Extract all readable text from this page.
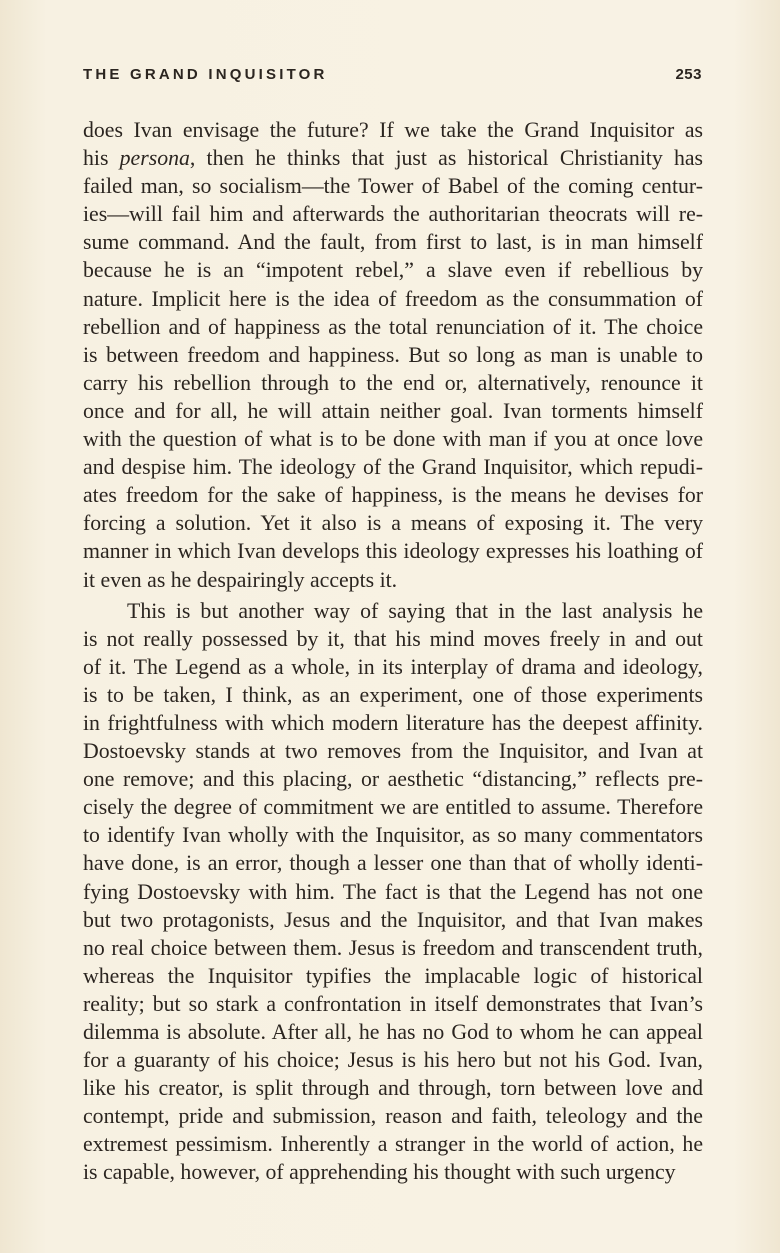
THE GRAND INQUISITOR	253

does Ivan envisage the future? If we take the Grand Inquisitor as
his persona, then he thinks that just as historical Christianity has
failed man, so socialism—the Tower of Babel of the coming centur-
ies—will fail him and afterwards the authoritarian theocrats will re-
sume command. And the fault, from first to last, is in man himself
because he is an “impotent rebel,” a slave even if rebellious by
nature. Implicit here is the idea of freedom as the consummation of
rebellion and of happiness as the total renunciation of it. The choice
is between freedom and happiness. But so long as man is unable to
carry his rebellion through to the end or, alternatively, renounce it
once and for all, he will attain neither goal. Ivan torments himself
with the question of what is to be done with man if you at once love
and despise him. The ideology of the Grand Inquisitor, which repudi-
ates freedom for the sake of happiness, is the means he devises for
forcing a solution. Yet it also is a means of exposing it. The very
manner in which Ivan develops this ideology expresses his loathing of
it even as he despairingly accepts it.

This is but another way of saying that in the last analysis he
is not really possessed by it, that his mind moves freely in and out
of it. The Legend as a whole, in its interplay of drama and ideology,
is to be taken, I think, as an experiment, one of those experiments
in frightfulness with which modern literature has the deepest affinity.
Dostoevsky stands at two removes from the Inquisitor, and Ivan at
one remove; and this placing, or aesthetic “distancing,” reflects pre-
cisely the degree of commitment we are entitled to assume. Therefore
to identify Ivan wholly with the Inquisitor, as so many commentators
have done, is an error, though a lesser one than that of wholly identi-
fying Dostoevsky with him. The fact is that the Legend has not one
but two protagonists, Jesus and the Inquisitor, and that Ivan makes
no real choice between them. Jesus is freedom and transcendent truth,
whereas the Inquisitor typifies the implacable logic of historical
reality; but so stark a confrontation in itself demonstrates that Ivan’s
dilemma is absolute. After all, he has no God to whom he can appeal
for a guaranty of his choice; Jesus is his hero but not his God. Ivan,
like his creator, is split through and through, torn between love and
contempt, pride and submission, reason and faith, teleology and the
extremest pessimism. Inherently a stranger in the world of action, he
is capable, however, of apprehending his thought with such urgency
